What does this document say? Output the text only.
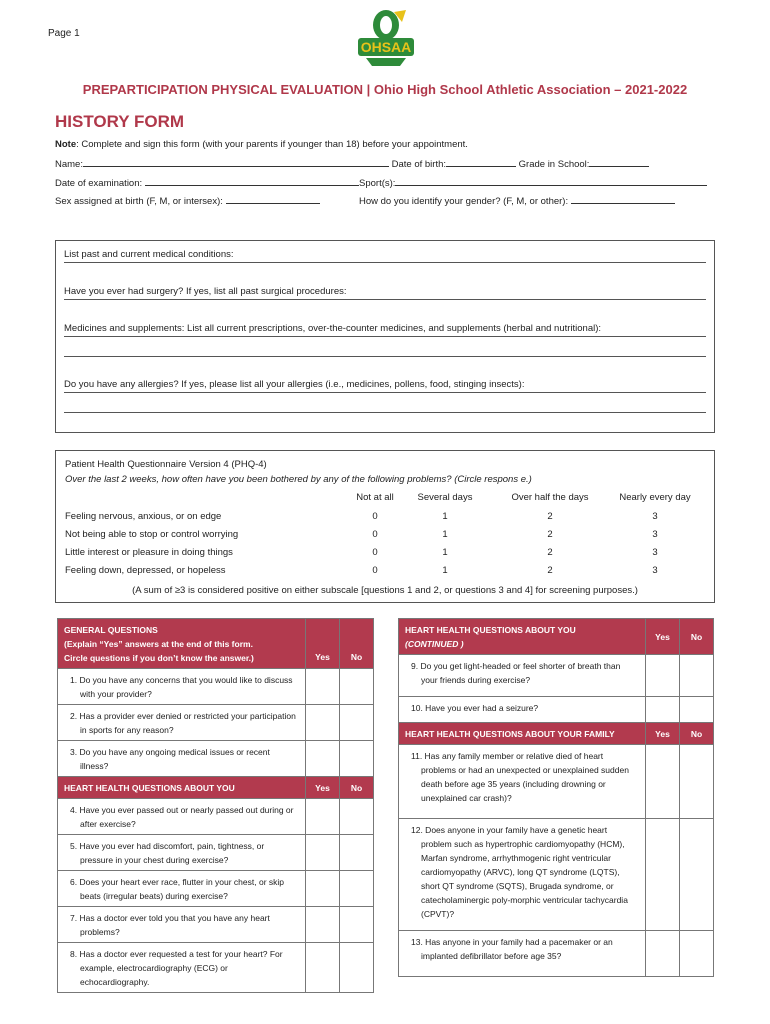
Page 1
OHSAA
PREPARTICIPATION PHYSICAL EVALUATION | Ohio High School Athletic Association – 2021-2022
HISTORY FORM
Note: Complete and sign this form (with your parents if younger than 18) before your appointment.
Name:	Date of birth:	Grade in School:
Date of examination:	Sport(s):
Sex assigned at birth (F, M, or intersex):	How do you identify your gender? (F, M, or other):
List past and current medical conditions:
Have you ever had surgery? If yes, list all past surgical procedures:
Medicines and supplements: List all current prescriptions, over-the-counter medicines, and supplements (herbal and nutritional):
Do you have any allergies? If yes, please list all your allergies (i.e., medicines, pollens, food, stinging insects):
Patient Health Questionnaire Version 4 (PHQ-4)
Over the last 2 weeks, how often have you been bothered by any of the following problems? (Circle respons e.)
Not at all	Several days	Over half the days	Nearly every day
Feeling nervous, anxious, or on edge	0	1	2	3
Not being able to stop or control worrying	0	1	2	3
Little interest or pleasure in doing things	0	1	2	3
Feeling down, depressed, or hopeless	0	1	2	3
(A sum of ≥3 is considered positive on either subscale [questions 1 and 2, or questions 3 and 4] for screening purposes.)
GENERAL QUESTIONS
(Explain “Yes” answers at the end of this form.
Circle questions if you don’t know the answer.)	Yes	No

1. Do you have any concerns that you would like to discuss with your provider?		

2. Has a provider ever denied or restricted your participation in sports for any reason?		

3. Do you have any ongoing medical issues or recent illness?		

HEART HEALTH QUESTIONS ABOUT YOU	Yes	No

4. Have you ever passed out or nearly passed out during or after exercise?		

5. Have you ever had discomfort, pain, tightness, or pressure in your chest during exercise?		

6. Does your heart ever race, flutter in your chest, or skip beats (irregular beats) during exercise?		

7. Has a doctor ever told you that you have any heart problems?		

8. Has a doctor ever requested a test for your heart? For example, electrocardiography (ECG) or echocardiography.		

HEART HEALTH QUESTIONS ABOUT YOU
(CONTINUED )	Yes	No

9. Do you get light-headed or feel shorter of breath than your friends during exercise?		

10. Have you ever had a seizure?		

HEART HEALTH QUESTIONS ABOUT YOUR FAMILY	Yes	No

11. Has any family member or relative died of heart problems or had an unexpected or unexplained sudden death before age 35 years (including drowning or unexplained car crash)?		

12. Does anyone in your family have a genetic heart problem such as hypertrophic cardiomyopathy (HCM), Marfan syndrome, arrhythmogenic right ventricular cardiomyopathy (ARVC), long QT syndrome (LQTS), short QT syndrome (SQTS), Brugada syndrome, or catecholaminergic poly-morphic ventricular tachycardia (CPVT)?		

13. Has anyone in your family had a pacemaker or an implanted defibrillator before age 35?		
